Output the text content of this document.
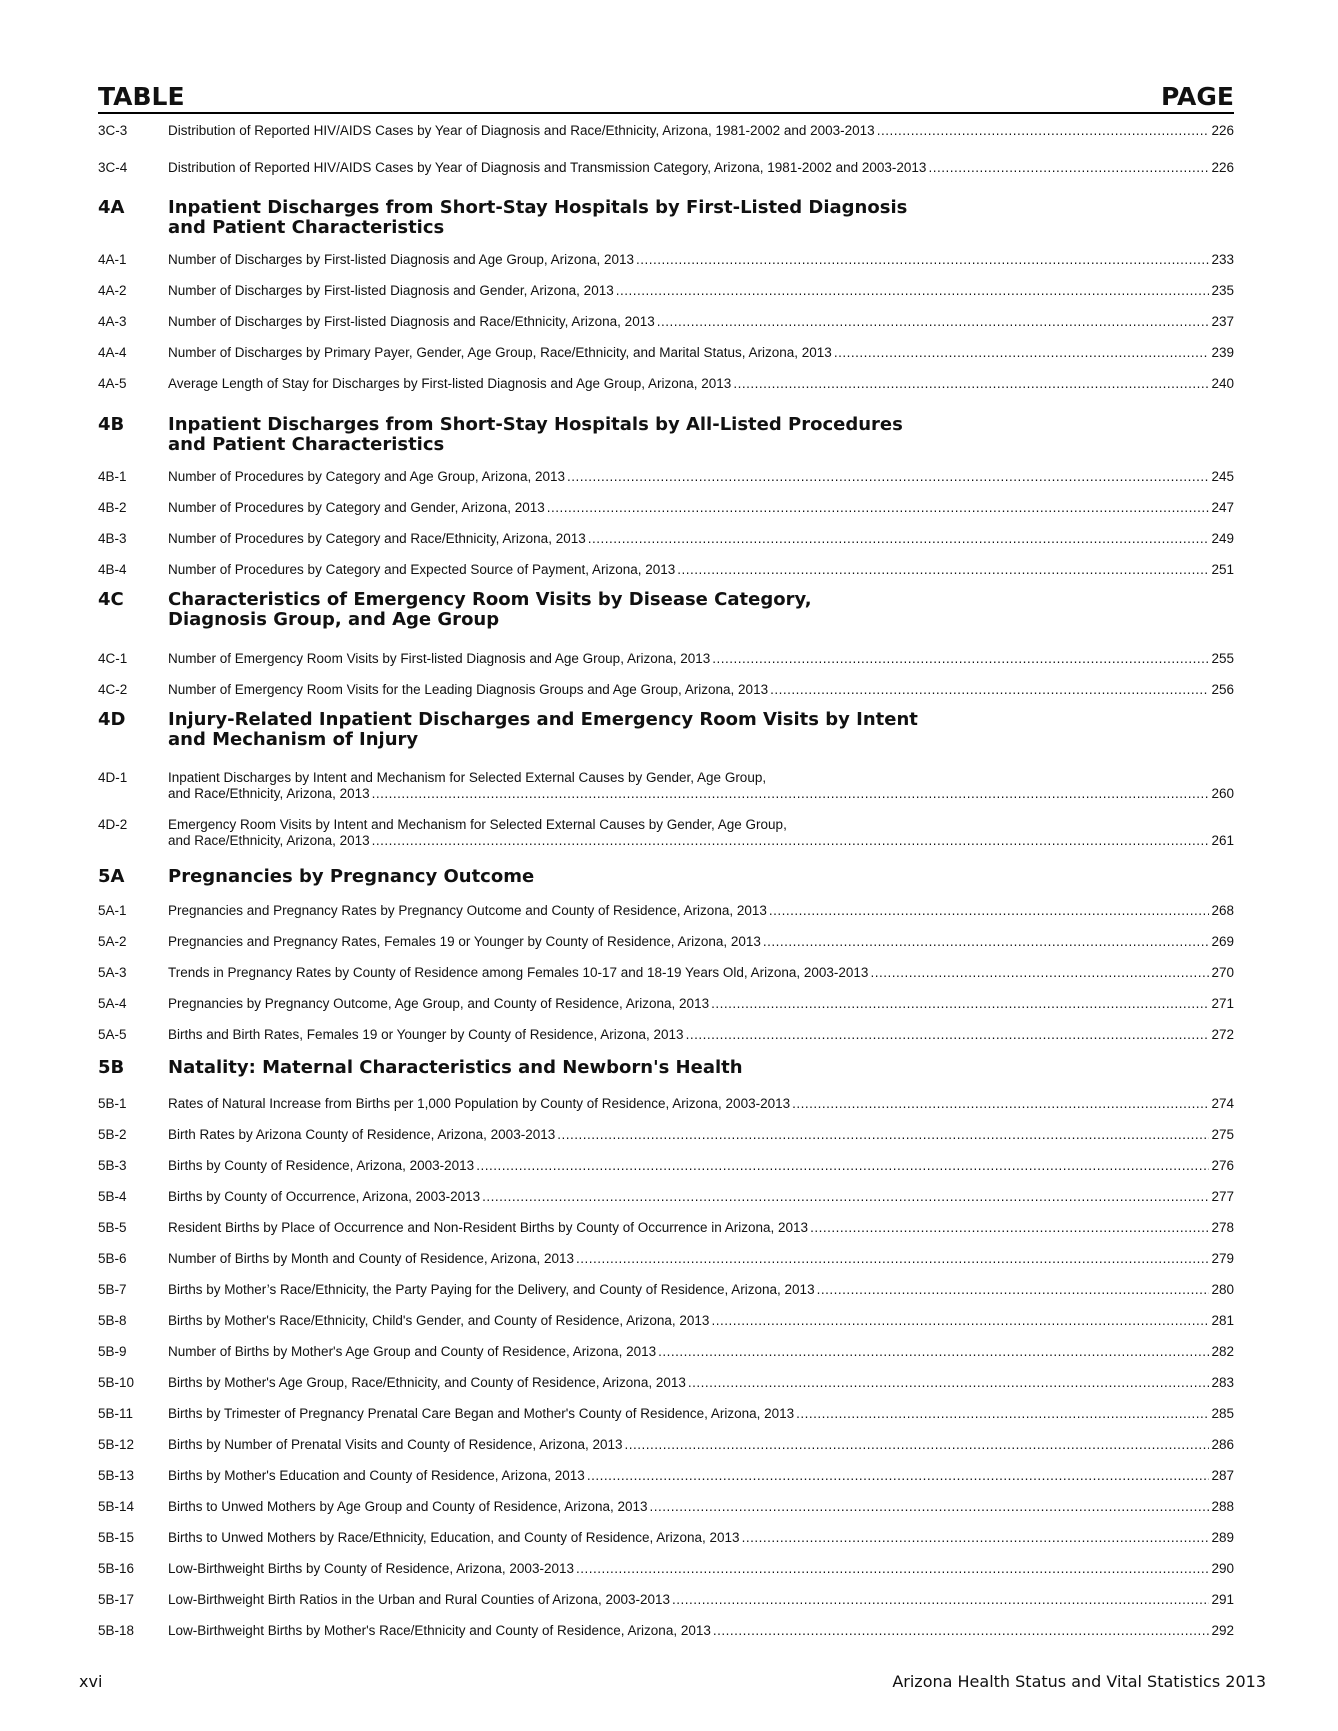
TABLE	PAGE
3C-3	Distribution of Reported HIV/AIDS Cases by Year of Diagnosis and Race/Ethnicity, Arizona, 1981-2002 and 2003-2013 .....	226
3C-4	Distribution of Reported HIV/AIDS Cases by Year of Diagnosis and Transmission Category, Arizona, 1981-2002 and 2003-2013 .....	226
4A Inpatient Discharges from Short-Stay Hospitals by First-Listed Diagnosis
and Patient Characteristics
4A-1	Number of Discharges by First-listed Diagnosis and Age Group, Arizona, 2013 .....	233
4A-2	Number of Discharges by First-listed Diagnosis and Gender, Arizona, 2013 .....	235
4A-3	Number of Discharges by First-listed Diagnosis and Race/Ethnicity, Arizona, 2013 .....	237
4A-4	Number of Discharges by Primary Payer, Gender, Age Group, Race/Ethnicity, and Marital Status, Arizona, 2013 .....	239
4A-5	Average Length of Stay for Discharges by First-listed Diagnosis and Age Group, Arizona, 2013 .....	240
4B Inpatient Discharges from Short-Stay Hospitals by All-Listed Procedures
and Patient Characteristics
4B-1	Number of Procedures by Category and Age Group, Arizona, 2013 .....	245
4B-2	Number of Procedures by Category and Gender, Arizona, 2013 .....	247
4B-3	Number of Procedures by Category and Race/Ethnicity, Arizona, 2013 .....	249
4B-4	Number of Procedures by Category and Expected Source of Payment, Arizona, 2013 .....	251
4C Characteristics of Emergency Room Visits by Disease Category,
Diagnosis Group, and Age Group
4C-1	Number of Emergency Room Visits by First-listed Diagnosis and Age Group, Arizona, 2013 .....	255
4C-2	Number of Emergency Room Visits for the Leading Diagnosis Groups and Age Group, Arizona, 2013 .....	256
4D Injury-Related Inpatient Discharges and Emergency Room Visits by Intent
and Mechanism of Injury
4D-1	Inpatient Discharges by Intent and Mechanism for Selected External Causes by Gender, Age Group,
and Race/Ethnicity, Arizona, 2013 .....	260
4D-2	Emergency Room Visits by Intent and Mechanism for Selected External Causes by Gender, Age Group,
and Race/Ethnicity, Arizona, 2013 .....	261
5A Pregnancies by Pregnancy Outcome
5A-1	Pregnancies and Pregnancy Rates by Pregnancy Outcome and County of Residence, Arizona, 2013 .....	268
5A-2	Pregnancies and Pregnancy Rates, Females 19 or Younger by County of Residence, Arizona, 2013 .....	269
5A-3	Trends in Pregnancy Rates by County of Residence among Females 10-17 and 18-19 Years Old, Arizona, 2003-2013 .....	270
5A-4	Pregnancies by Pregnancy Outcome, Age Group, and County of Residence, Arizona, 2013 .....	271
5A-5	Births and Birth Rates, Females 19 or Younger by County of Residence, Arizona, 2013 .....	272
5B Natality: Maternal Characteristics and Newborn's Health
5B-1	Rates of Natural Increase from Births per 1,000 Population by County of Residence, Arizona, 2003-2013 .....	274
5B-2	Birth Rates by Arizona County of Residence, Arizona, 2003-2013 .....	275
5B-3	Births by County of Residence, Arizona, 2003-2013 .....	276
5B-4	Births by County of Occurrence, Arizona, 2003-2013 .....	277
5B-5	Resident Births by Place of Occurrence and Non-Resident Births by County of Occurrence in Arizona, 2013 .....	278
5B-6	Number of Births by Month and County of Residence, Arizona, 2013 .....	279
5B-7	Births by Mother’s Race/Ethnicity, the Party Paying for the Delivery, and County of Residence, Arizona, 2013 .....	280
5B-8	Births by Mother's Race/Ethnicity, Child's Gender, and County of Residence, Arizona, 2013 .....	281
5B-9	Number of Births by Mother's Age Group and County of Residence, Arizona, 2013 .....	282
5B-10	Births by Mother's Age Group, Race/Ethnicity, and County of Residence, Arizona, 2013 .....	283
5B-11	Births by Trimester of Pregnancy Prenatal Care Began and Mother's County of Residence, Arizona, 2013 .....	285
5B-12	Births by Number of Prenatal Visits and County of Residence, Arizona, 2013 .....	286
5B-13	Births by Mother's Education and County of Residence, Arizona, 2013 .....	287
5B-14	Births to Unwed Mothers by Age Group and County of Residence, Arizona, 2013 .....	288
5B-15	Births to Unwed Mothers by Race/Ethnicity, Education, and County of Residence, Arizona, 2013 .....	289
5B-16	Low-Birthweight Births by County of Residence, Arizona, 2003-2013 .....	290
5B-17	Low-Birthweight Birth Ratios in the Urban and Rural Counties of Arizona, 2003-2013 .....	291
5B-18	Low-Birthweight Births by Mother's Race/Ethnicity and County of Residence, Arizona, 2013 .....	292
xvi	Arizona Health Status and Vital Statistics 2013
